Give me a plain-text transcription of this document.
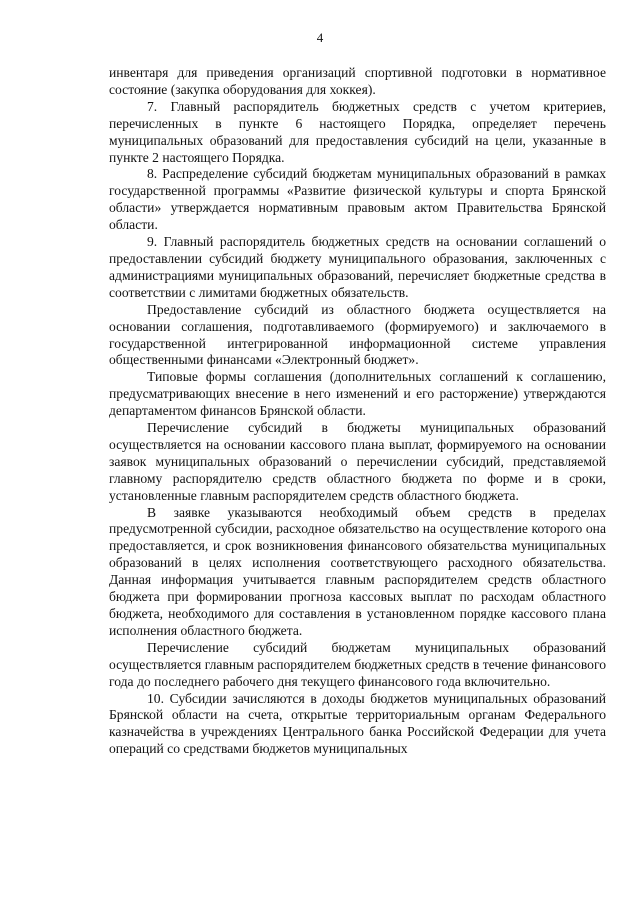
4

инвентаря для приведения организаций спортивной подготовки в нормативное состояние (закупка оборудования для хоккея).

7. Главный распорядитель бюджетных средств с учетом критериев, перечисленных в пункте 6 настоящего Порядка, определяет перечень муниципальных образований для предоставления субсидий на цели, указанные в пункте 2 настоящего Порядка.

8. Распределение субсидий бюджетам муниципальных образований в рамках государственной программы «Развитие физической культуры и спорта Брянской области» утверждается нормативным правовым актом Правительства Брянской области.

9. Главный распорядитель бюджетных средств на основании соглашений о предоставлении субсидий бюджету муниципального образования, заключенных с администрациями муниципальных образований, перечисляет бюджетные средства в соответствии с лимитами бюджетных обязательств.

Предоставление субсидий из областного бюджета осуществляется на основании соглашения, подготавливаемого (формируемого) и заключаемого в государственной интегрированной информационной системе управления общественными финансами «Электронный бюджет».

Типовые формы соглашения (дополнительных соглашений к соглашению, предусматривающих внесение в него изменений и его расторжение) утверждаются департаментом финансов Брянской области.

Перечисление субсидий в бюджеты муниципальных образований осуществляется на основании кассового плана выплат, формируемого на основании заявок муниципальных образований о перечислении субсидий, представляемой главному распорядителю средств областного бюджета по форме и в сроки, установленные главным распорядителем средств областного бюджета.

В заявке указываются необходимый объем средств в пределах предусмотренной субсидии, расходное обязательство на осуществление которого она предоставляется, и срок возникновения финансового обязательства муниципальных образований в целях исполнения соответствующего расходного обязательства. Данная информация учитывается главным распорядителем средств областного бюджета при формировании прогноза кассовых выплат по расходам областного бюджета, необходимого для составления в установленном порядке кассового плана исполнения областного бюджета.

Перечисление субсидий бюджетам муниципальных образований осуществляется главным распорядителем бюджетных средств в течение финансового года до последнего рабочего дня текущего финансового года включительно.

10. Субсидии зачисляются в доходы бюджетов муниципальных образований Брянской области на счета, открытые территориальным органам Федерального казначейства в учреждениях Центрального банка Российской Федерации для учета операций со средствами бюджетов муниципальных
